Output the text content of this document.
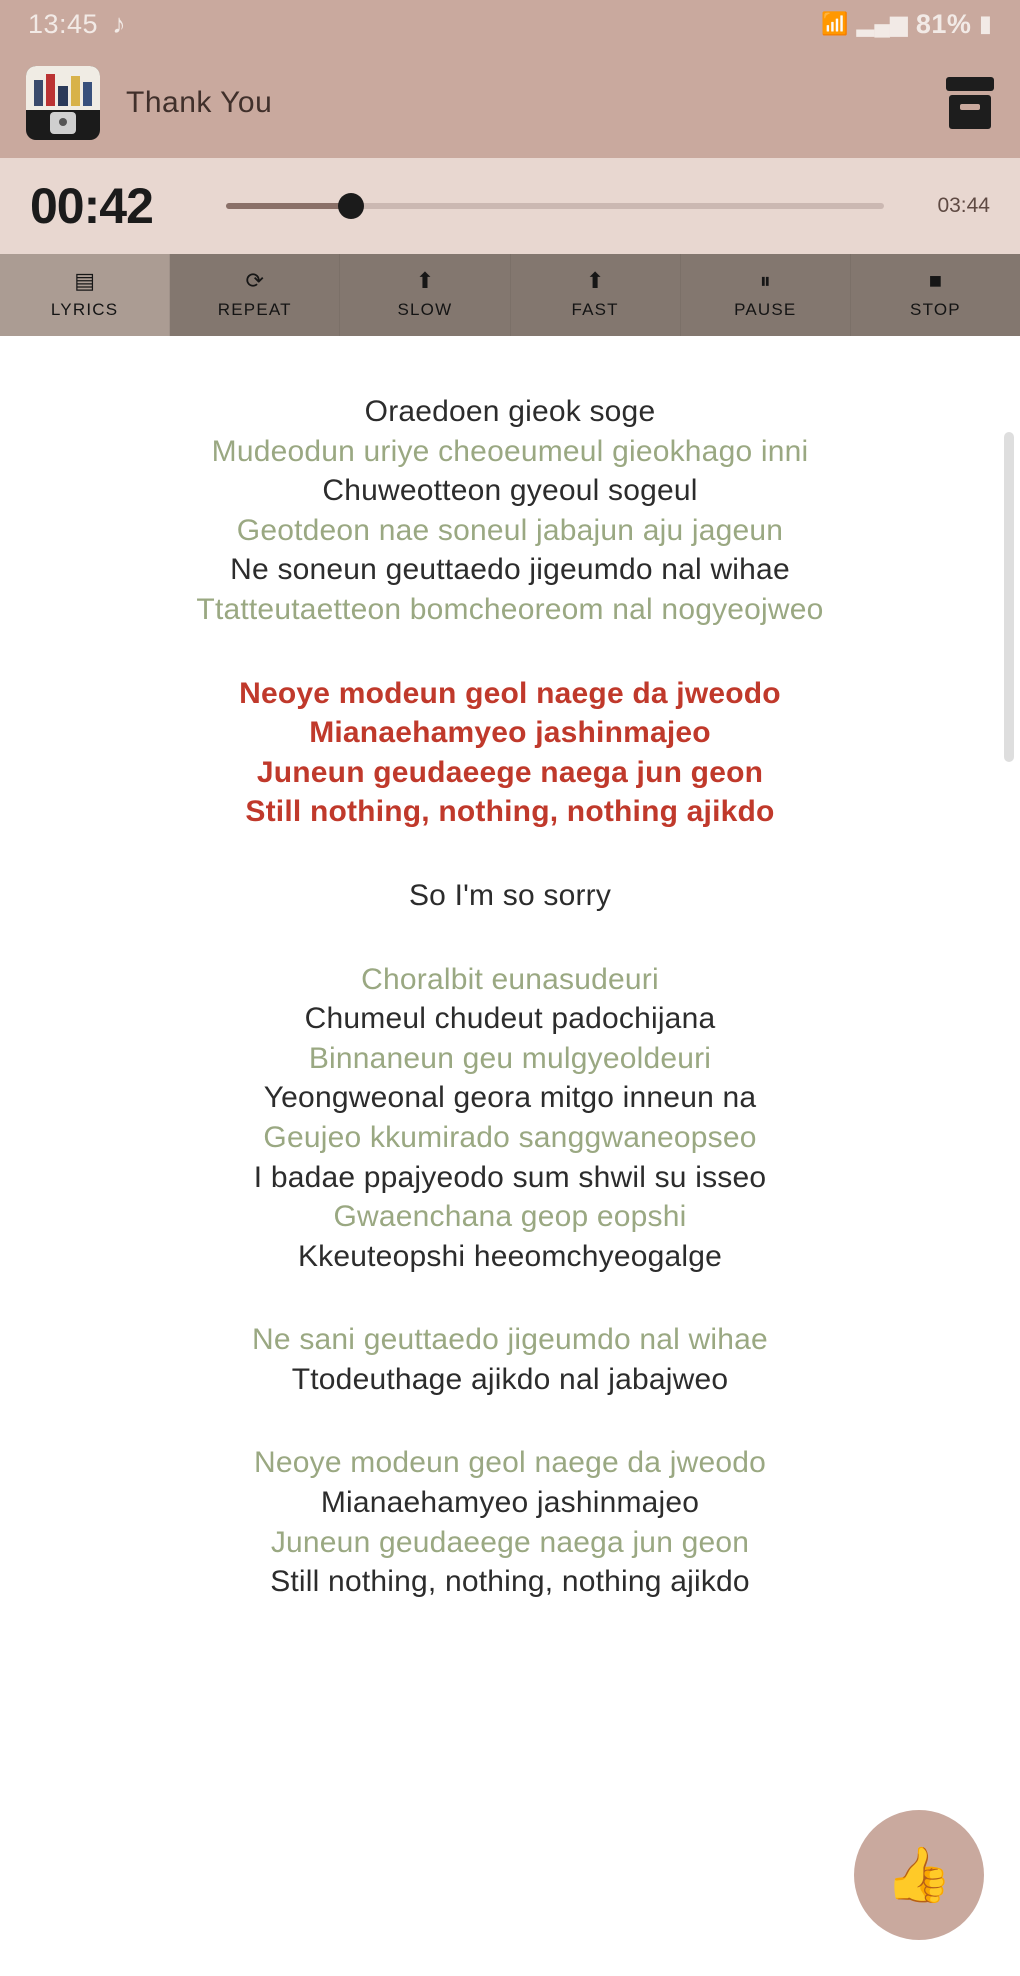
13:45 ♪	📶 ▂▄▆ 81% ▮
Thank You
00:42	03:44
▤
LYRICS
⟳
REPEAT
⬆
SLOW
⬆
FAST
⏸
PAUSE
■
STOP
Oraedoen gieok soge
Mudeodun uriye cheoeumeul gieokhago inni
Chuweotteon gyeoul sogeul
Geotdeon nae soneul jabajun aju jageun
Ne soneun geuttaedo jigeumdo nal wihae
Ttatteutaetteon bomcheoreom nal nogyeojweo
Neoye modeun geol naege da jweodo
Mianaehamyeo jashinmajeo
Juneun geudaeege naega jun geon
Still nothing, nothing, nothing ajikdo
So I'm so sorry
Choralbit eunasudeuri
Chumeul chudeut padochijana
Binnaneun geu mulgyeoldeuri
Yeongweonal georа mitgo inneun na
Geujeo kkumirado sanggwaneopseo
I badae ppajyeodo sum shwil su isseo
Gwaenchana geop eopshi
Kkeuteopshi heeomchyeogalge
Ne sani geuttaedo jigeumdo nal wihae
Ttodeuthage ajikdo nal jabajweo
Neoye modeun geol naege da jweodo
Mianaehamyeo jashinmajeo
Juneun geudaeege naega jun geon
Still nothing, nothing, nothing ajikdo
👍
